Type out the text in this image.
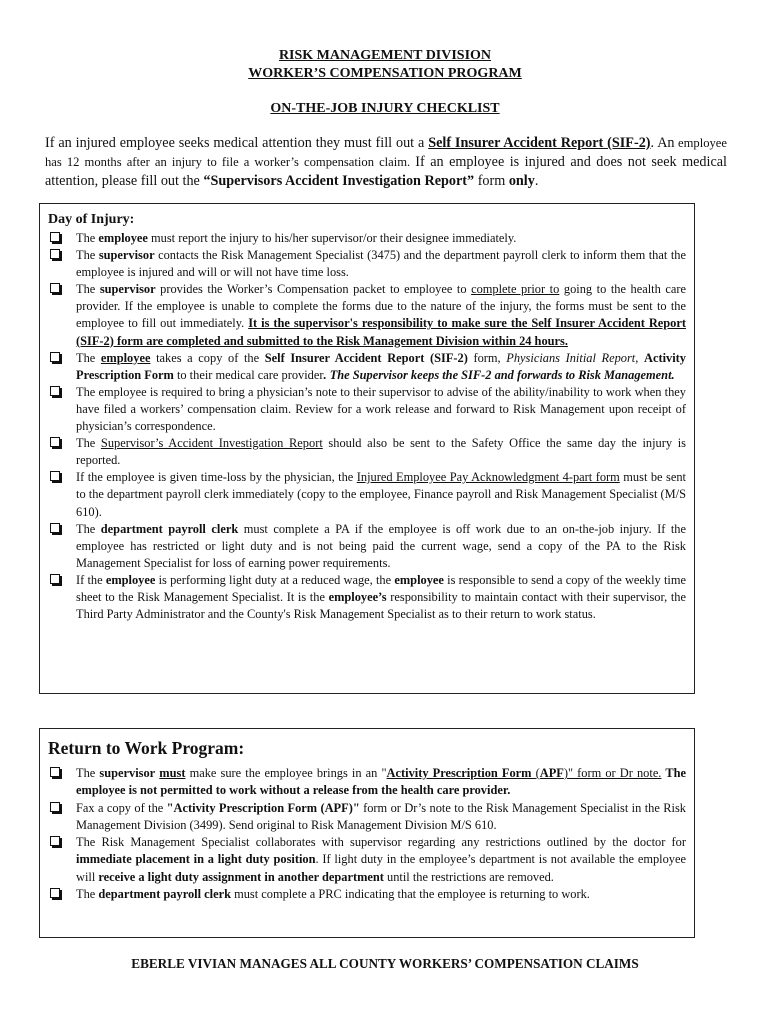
RISK MANAGEMENT DIVISION
WORKER’S COMPENSATION PROGRAM
ON-THE-JOB INJURY CHECKLIST
If an injured employee seeks medical attention they must fill out a Self Insurer Accident Report (SIF-2). An employee has 12 months after an injury to file a worker’s compensation claim. If an employee is injured and does not seek medical attention, please fill out the “Supervisors Accident Investigation Report” form only.
Day of Injury:
The employee must report the injury to his/her supervisor/or their designee immediately.
The supervisor contacts the Risk Management Specialist (3475) and the department payroll clerk to inform them that the employee is injured and will or will not have time loss.
The supervisor provides the Worker’s Compensation packet to employee to complete prior to going to the health care provider. If the employee is unable to complete the forms due to the nature of the injury, the forms must be sent to the employee to fill out immediately. It is the supervisor's responsibility to make sure the Self Insurer Accident Report (SIF-2) form are completed and submitted to the Risk Management Division within 24 hours.
The employee takes a copy of the Self Insurer Accident Report (SIF-2) form, Physicians Initial Report, Activity Prescription Form to their medical care provider. The Supervisor keeps the SIF-2 and forwards to Risk Management.
The employee is required to bring a physician’s note to their supervisor to advise of the ability/inability to work when they have filed a workers’ compensation claim. Review for a work release and forward to Risk Management upon receipt of physician’s correspondence.
The Supervisor’s Accident Investigation Report should also be sent to the Safety Office the same day the injury is reported.
If the employee is given time-loss by the physician, the Injured Employee Pay Acknowledgment 4-part form must be sent to the department payroll clerk immediately (copy to the employee, Finance payroll and Risk Management Specialist (M/S 610).
The department payroll clerk must complete a PA if the employee is off work due to an on-the-job injury. If the employee has restricted or light duty and is not being paid the current wage, send a copy of the PA to the Risk Management Specialist for loss of earning power requirements.
If the employee is performing light duty at a reduced wage, the employee is responsible to send a copy of the weekly time sheet to the Risk Management Specialist. It is the employee’s responsibility to maintain contact with their supervisor, the Third Party Administrator and the County's Risk Management Specialist as to their return to work status.
Return to Work Program:
The supervisor must make sure the employee brings in an "Activity Prescription Form (APF)" form or Dr note. The employee is not permitted to work without a release from the health care provider.
Fax a copy of the "Activity Prescription Form (APF)" form or Dr’s note to the Risk Management Specialist in the Risk Management Division (3499). Send original to Risk Management Division M/S 610.
The Risk Management Specialist collaborates with supervisor regarding any restrictions outlined by the doctor for immediate placement in a light duty position. If light duty in the employee’s department is not available the employee will receive a light duty assignment in another department until the restrictions are removed.
The department payroll clerk must complete a PRC indicating that the employee is returning to work.
EBERLE VIVIAN MANAGES ALL COUNTY WORKERS’ COMPENSATION CLAIMS
